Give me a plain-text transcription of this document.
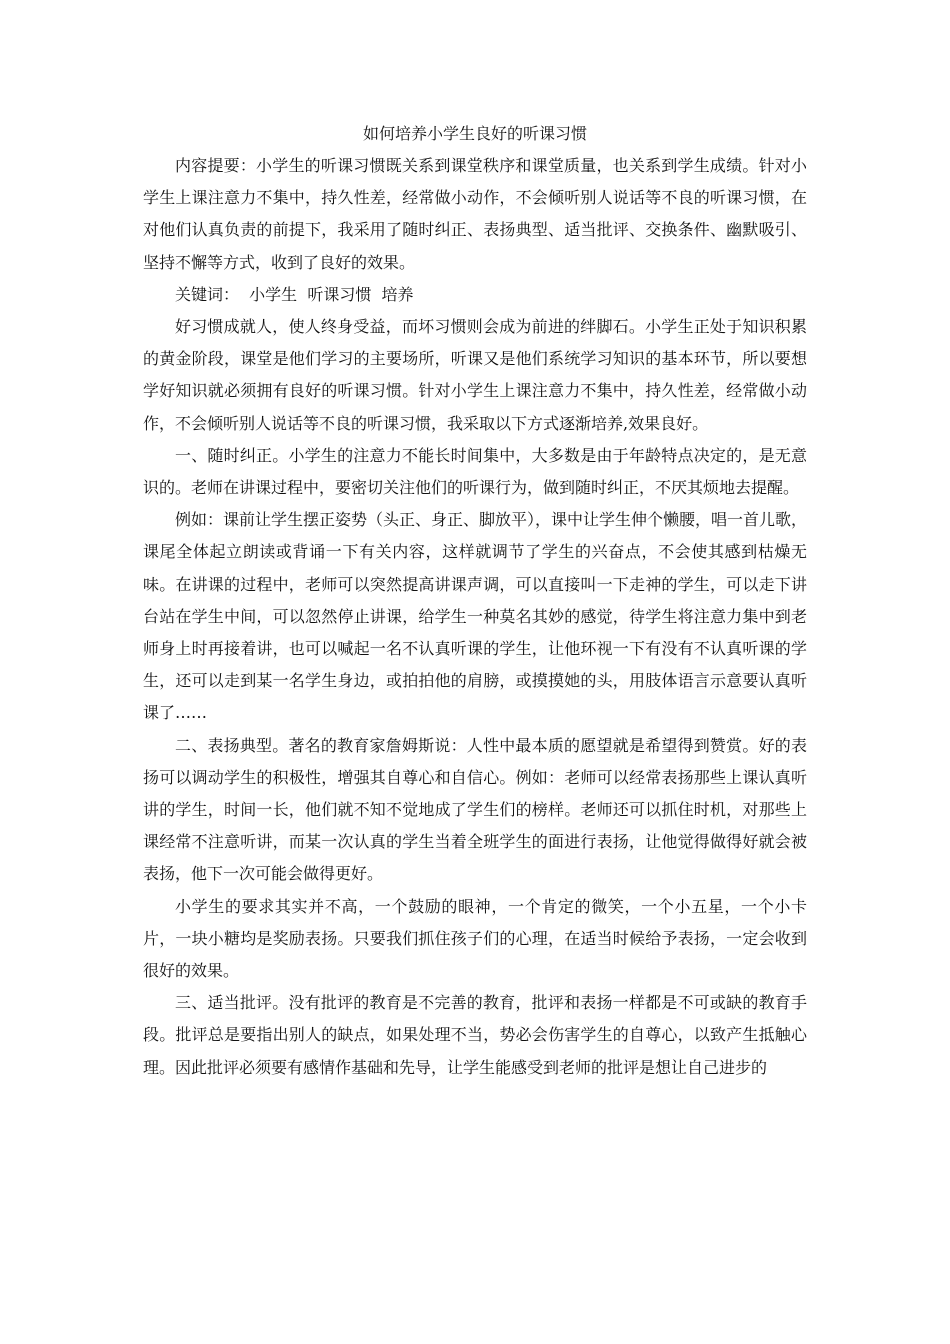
如何培养小学生良好的听课习惯

内容提要：小学生的听课习惯既关系到课堂秩序和课堂质量，也关系到学生成绩。针对小学生上课注意力不集中，持久性差，经常做小动作，不会倾听别人说话等不良的听课习惯，在对他们认真负责的前提下，我采用了随时纠正、表扬典型、适当批评、交换条件、幽默吸引、坚持不懈等方式，收到了良好的效果。

关键词：  小学生  听课习惯  培养

好习惯成就人，使人终身受益，而坏习惯则会成为前进的绊脚石。小学生正处于知识积累的黄金阶段，课堂是他们学习的主要场所，听课又是他们系统学习知识的基本环节，所以要想学好知识就必须拥有良好的听课习惯。针对小学生上课注意力不集中，持久性差，经常做小动作，不会倾听别人说话等不良的听课习惯，我采取以下方式逐渐培养,效果良好。

一、随时纠正。小学生的注意力不能长时间集中，大多数是由于年龄特点决定的，是无意识的。老师在讲课过程中，要密切关注他们的听课行为，做到随时纠正，不厌其烦地去提醒。

例如：课前让学生摆正姿势（头正、身正、脚放平），课中让学生伸个懒腰，唱一首儿歌，课尾全体起立朗读或背诵一下有关内容，这样就调节了学生的兴奋点，不会使其感到枯燥无味。在讲课的过程中，老师可以突然提高讲课声调，可以直接叫一下走神的学生，可以走下讲台站在学生中间，可以忽然停止讲课，给学生一种莫名其妙的感觉，待学生将注意力集中到老师身上时再接着讲，也可以喊起一名不认真听课的学生，让他环视一下有没有不认真听课的学生，还可以走到某一名学生身边，或拍拍他的肩膀，或摸摸她的头，用肢体语言示意要认真听课了……

二、表扬典型。著名的教育家詹姆斯说：人性中最本质的愿望就是希望得到赞赏。好的表扬可以调动学生的积极性，增强其自尊心和自信心。例如：老师可以经常表扬那些上课认真听讲的学生，时间一长，他们就不知不觉地成了学生们的榜样。老师还可以抓住时机，对那些上课经常不注意听讲，而某一次认真的学生当着全班学生的面进行表扬，让他觉得做得好就会被表扬，他下一次可能会做得更好。

小学生的要求其实并不高，一个鼓励的眼神，一个肯定的微笑，一个小五星，一个小卡片，一块小糖均是奖励表扬。只要我们抓住孩子们的心理，在适当时候给予表扬，一定会收到很好的效果。

三、适当批评。没有批评的教育是不完善的教育，批评和表扬一样都是不可或缺的教育手段。批评总是要指出别人的缺点，如果处理不当，势必会伤害学生的自尊心，以致产生抵触心理。因此批评必须要有感情作基础和先导，让学生能感受到老师的批评是想让自己进步的
